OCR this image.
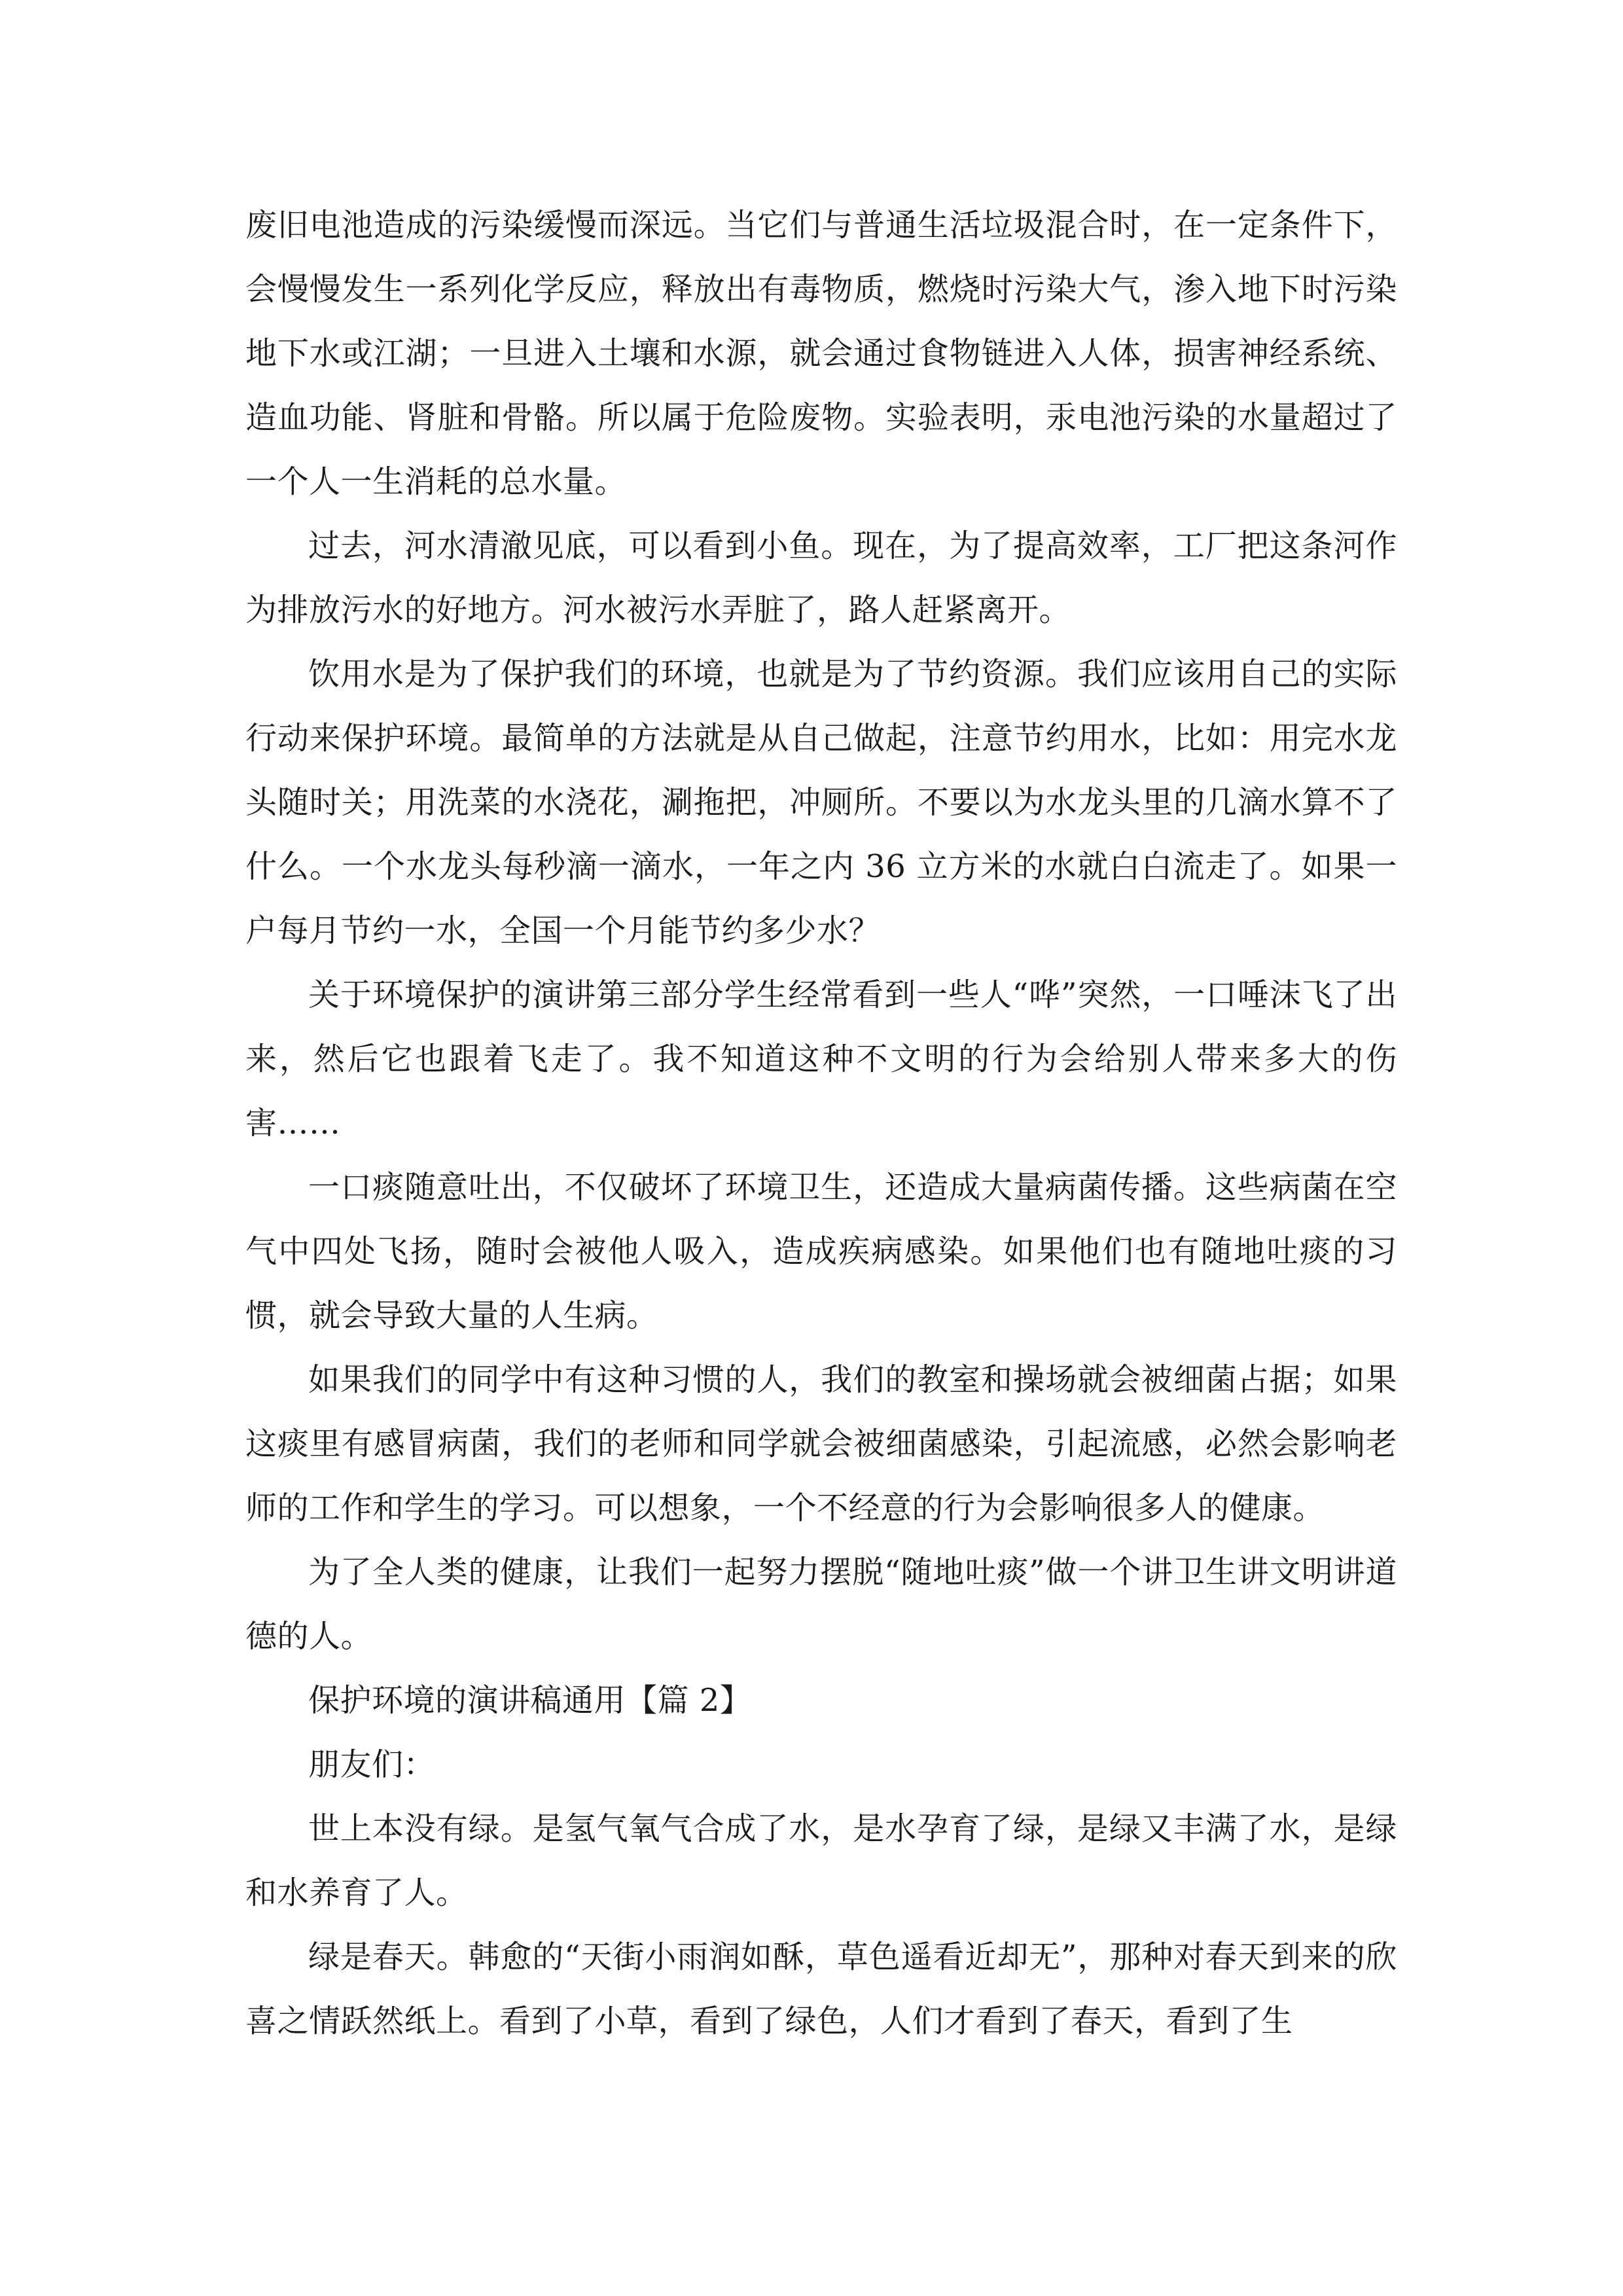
废旧电池造成的污染缓慢而深远。当它们与普通生活垃圾混合时，在一定条件下，会慢慢发生一系列化学反应，释放出有毒物质，燃烧时污染大气，渗入地下时污染地下水或江湖；一旦进入土壤和水源，就会通过食物链进入人体，损害神经系统、造血功能、肾脏和骨骼。所以属于危险废物。实验表明，汞电池污染的水量超过了一个人一生消耗的总水量。

过去，河水清澈见底，可以看到小鱼。现在，为了提高效率，工厂把这条河作为排放污水的好地方。河水被污水弄脏了，路人赶紧离开。

饮用水是为了保护我们的环境，也就是为了节约资源。我们应该用自己的实际行动来保护环境。最简单的方法就是从自己做起，注意节约用水，比如：用完水龙头随时关；用洗菜的水浇花，涮拖把，冲厕所。不要以为水龙头里的几滴水算不了什么。一个水龙头每秒滴一滴水，一年之内 36 立方米的水就白白流走了。如果一户每月节约一水，全国一个月能节约多少水？

关于环境保护的演讲第三部分学生经常看到一些人“哗”突然，一口唾沫飞了出来，然后它也跟着飞走了。我不知道这种不文明的行为会给别人带来多大的伤害……

一口痰随意吐出，不仅破坏了环境卫生，还造成大量病菌传播。这些病菌在空气中四处飞扬，随时会被他人吸入，造成疾病感染。如果他们也有随地吐痰的习惯，就会导致大量的人生病。

如果我们的同学中有这种习惯的人，我们的教室和操场就会被细菌占据；如果这痰里有感冒病菌，我们的老师和同学就会被细菌感染，引起流感，必然会影响老师的工作和学生的学习。可以想象，一个不经意的行为会影响很多人的健康。

为了全人类的健康，让我们一起努力摆脱“随地吐痰”做一个讲卫生讲文明讲道德的人。

保护环境的演讲稿通用【篇 2】

朋友们：

世上本没有绿。是氢气氧气合成了水，是水孕育了绿，是绿又丰满了水，是绿和水养育了人。

绿是春天。韩愈的“天街小雨润如酥，草色遥看近却无”，那种对春天到来的欣喜之情跃然纸上。看到了小草，看到了绿色，人们才看到了春天，看到了生
